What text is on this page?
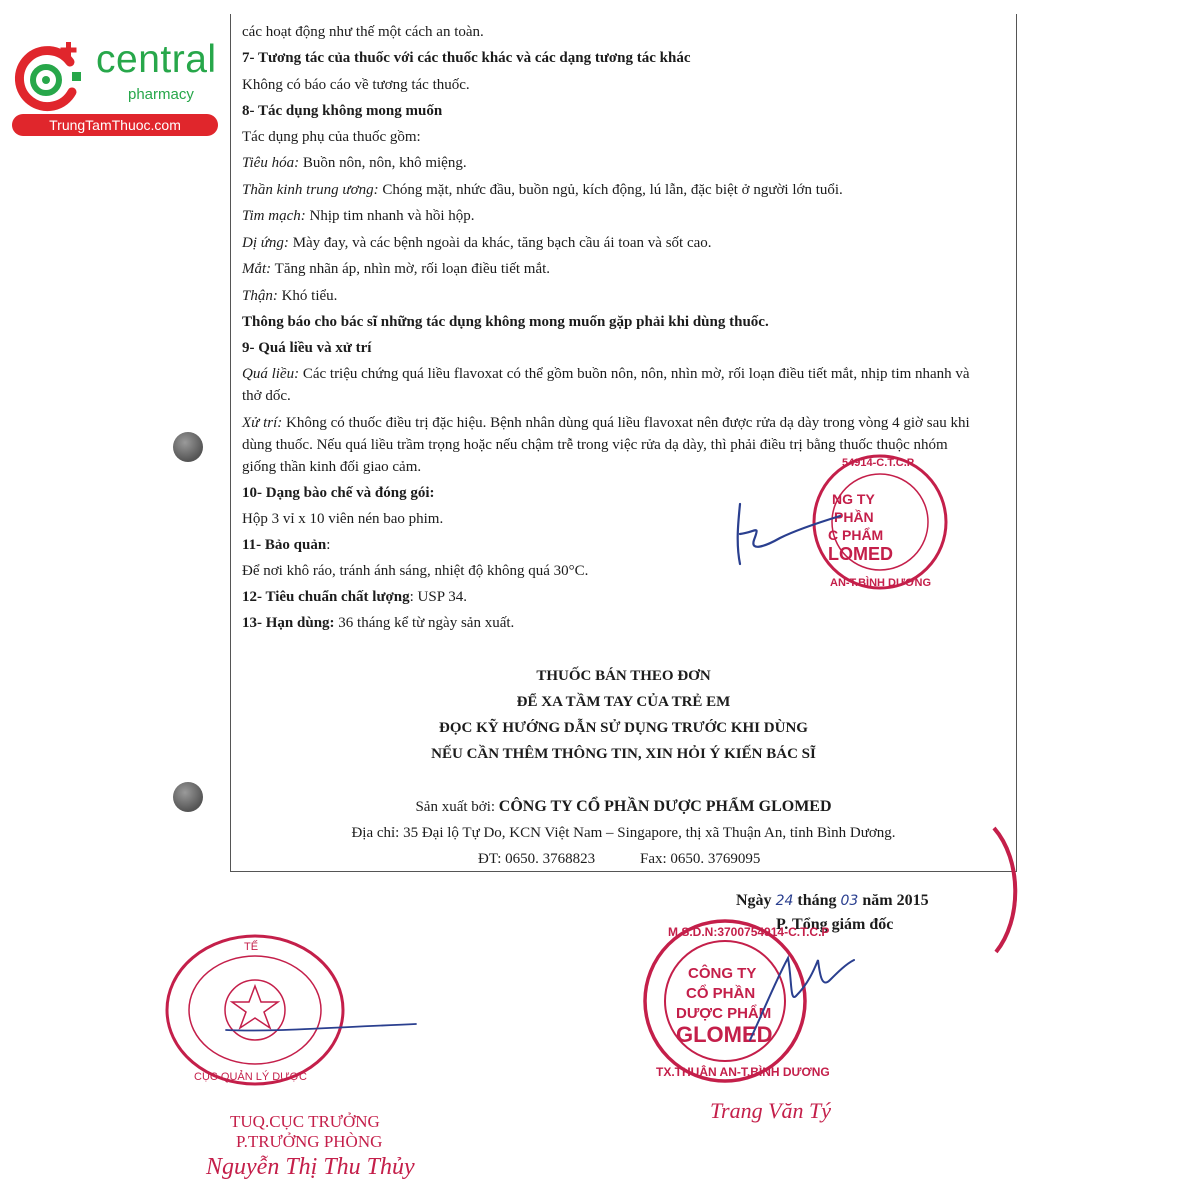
central
pharmacy
TrungTamThuoc.com
các hoạt động như thế một cách an toàn.
7- Tương tác của thuốc với các thuốc khác và các dạng tương tác khác
Không có báo cáo về tương tác thuốc.
8- Tác dụng không mong muốn
Tác dụng phụ của thuốc gồm:
Tiêu hóa: Buồn nôn, nôn, khô miệng.
Thần kinh trung ương: Chóng mặt, nhức đầu, buồn ngủ, kích động, lú lẫn, đặc biệt ở người lớn tuổi.
Tim mạch: Nhịp tim nhanh và hồi hộp.
Dị ứng: Mày đay, và các bệnh ngoài da khác, tăng bạch cầu ái toan và sốt cao.
Mắt: Tăng nhãn áp, nhìn mờ, rối loạn điều tiết mắt.
Thận: Khó tiểu.
Thông báo cho bác sĩ những tác dụng không mong muốn gặp phải khi dùng thuốc.
9- Quá liều và xử trí
Quá liều: Các triệu chứng quá liều flavoxat có thể gồm buồn nôn, nôn, nhìn mờ, rối loạn điều tiết mắt, nhịp tim nhanh và
thở dốc.
Xử trí: Không có thuốc điều trị đặc hiệu. Bệnh nhân dùng quá liều flavoxat nên được rửa dạ dày trong vòng 4 giờ sau khi
dùng thuốc. Nếu quá liều trầm trọng hoặc nếu chậm trễ trong việc rửa dạ dày, thì phải điều trị bằng thuốc thuộc nhóm
giống thần kinh đối giao cảm.
10- Dạng bào chế và đóng gói:
Hộp 3 vỉ x 10 viên nén bao phim.
11- Bảo quản:
Để nơi khô ráo, tránh ánh sáng, nhiệt độ không quá 30°C.
12- Tiêu chuẩn chất lượng: USP 34.
13- Hạn dùng: 36 tháng kể từ ngày sản xuất.
THUỐC BÁN THEO ĐƠN
ĐỂ XA TẦM TAY CỦA TRẺ EM
ĐỌC KỸ HƯỚNG DẪN SỬ DỤNG TRƯỚC KHI DÙNG
NẾU CẦN THÊM THÔNG TIN, XIN HỎI Ý KIẾN BÁC SĨ
Sản xuất bởi: CÔNG TY CỔ PHẦN DƯỢC PHẨM GLOMED
Địa chỉ: 35 Đại lộ Tự Do, KCN Việt Nam – Singapore, thị xã Thuận An, tỉnh Bình Dương.
ĐT: 0650. 3768823	Fax: 0650. 3769095
NG TY
PHẦN
C PHẨM
LOMED
54914-C.T.C.P
AN-T.BÌNH DƯƠNG
Ngày 24 tháng 03 năm 2015
P. Tổng giám đốc
CÔNG TY
CỔ PHẦN
DƯỢC PHẨM
GLOMED
M.S.D.N:3700754914-C.T.C.P
TX.THUẬN AN-T.BÌNH DƯƠNG
Trang Văn Tý
TẾ
CỤC QUẢN LÝ DƯỢC
TUQ.CỤC TRƯỞNG
P.TRƯỞNG PHÒNG
Nguyễn Thị Thu Thủy
